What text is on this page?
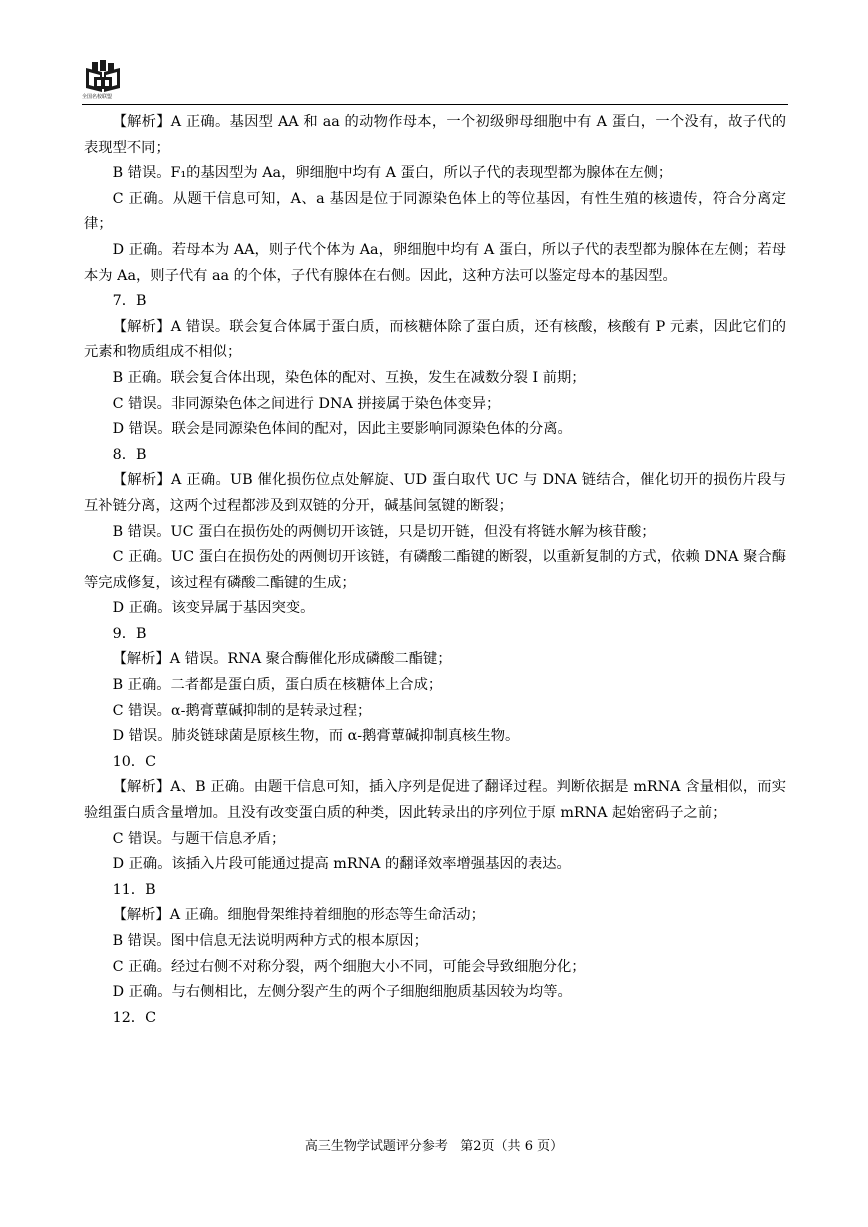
全国名校联盟

【解析】A 正确。基因型 AA 和 aa 的动物作母本，一个初级卵母细胞中有 A 蛋白，一个没有，故子代的表现型不同；

B 错误。F₁的基因型为 Aa，卵细胞中均有 A 蛋白，所以子代的表现型都为腺体在左侧；

C 正确。从题干信息可知，A、a 基因是位于同源染色体上的等位基因，有性生殖的核遗传，符合分离定律；

D 正确。若母本为 AA，则子代个体为 Aa，卵细胞中均有 A 蛋白，所以子代的表型都为腺体在左侧；若母本为 Aa，则子代有 aa 的个体，子代有腺体在右侧。因此，这种方法可以鉴定母本的基因型。

7．B

【解析】A 错误。联会复合体属于蛋白质，而核糖体除了蛋白质，还有核酸，核酸有 P 元素，因此它们的元素和物质组成不相似；

B 正确。联会复合体出现，染色体的配对、互换，发生在减数分裂 Ⅰ 前期；

C 错误。非同源染色体之间进行 DNA 拼接属于染色体变异；

D 错误。联会是同源染色体间的配对，因此主要影响同源染色体的分离。

8．B

【解析】A 正确。UB 催化损伤位点处解旋、UD 蛋白取代 UC 与 DNA 链结合，催化切开的损伤片段与互补链分离，这两个过程都涉及到双链的分开，碱基间氢键的断裂；

B 错误。UC 蛋白在损伤处的两侧切开该链，只是切开链，但没有将链水解为核苷酸；

C 正确。UC 蛋白在损伤处的两侧切开该链，有磷酸二酯键的断裂，以重新复制的方式，依赖 DNA 聚合酶等完成修复，该过程有磷酸二酯键的生成；

D 正确。该变异属于基因突变。

9．B

【解析】A 错误。RNA 聚合酶催化形成磷酸二酯键；

B 正确。二者都是蛋白质，蛋白质在核糖体上合成；

C 错误。α-鹅膏蕈碱抑制的是转录过程；

D 错误。肺炎链球菌是原核生物，而 α-鹅膏蕈碱抑制真核生物。

10．C

【解析】A、B 正确。由题干信息可知，插入序列是促进了翻译过程。判断依据是 mRNA 含量相似，而实验组蛋白质含量增加。且没有改变蛋白质的种类，因此转录出的序列位于原 mRNA 起始密码子之前；

C 错误。与题干信息矛盾；

D 正确。该插入片段可能通过提高 mRNA 的翻译效率增强基因的表达。

11．B

【解析】A 正确。细胞骨架维持着细胞的形态等生命活动；

B 错误。图中信息无法说明两种方式的根本原因；

C 正确。经过右侧不对称分裂，两个细胞大小不同，可能会导致细胞分化；

D 正确。与右侧相比，左侧分裂产生的两个子细胞细胞质基因较为均等。

12．C

高三生物学试题评分参考   第2页（共 6 页）
